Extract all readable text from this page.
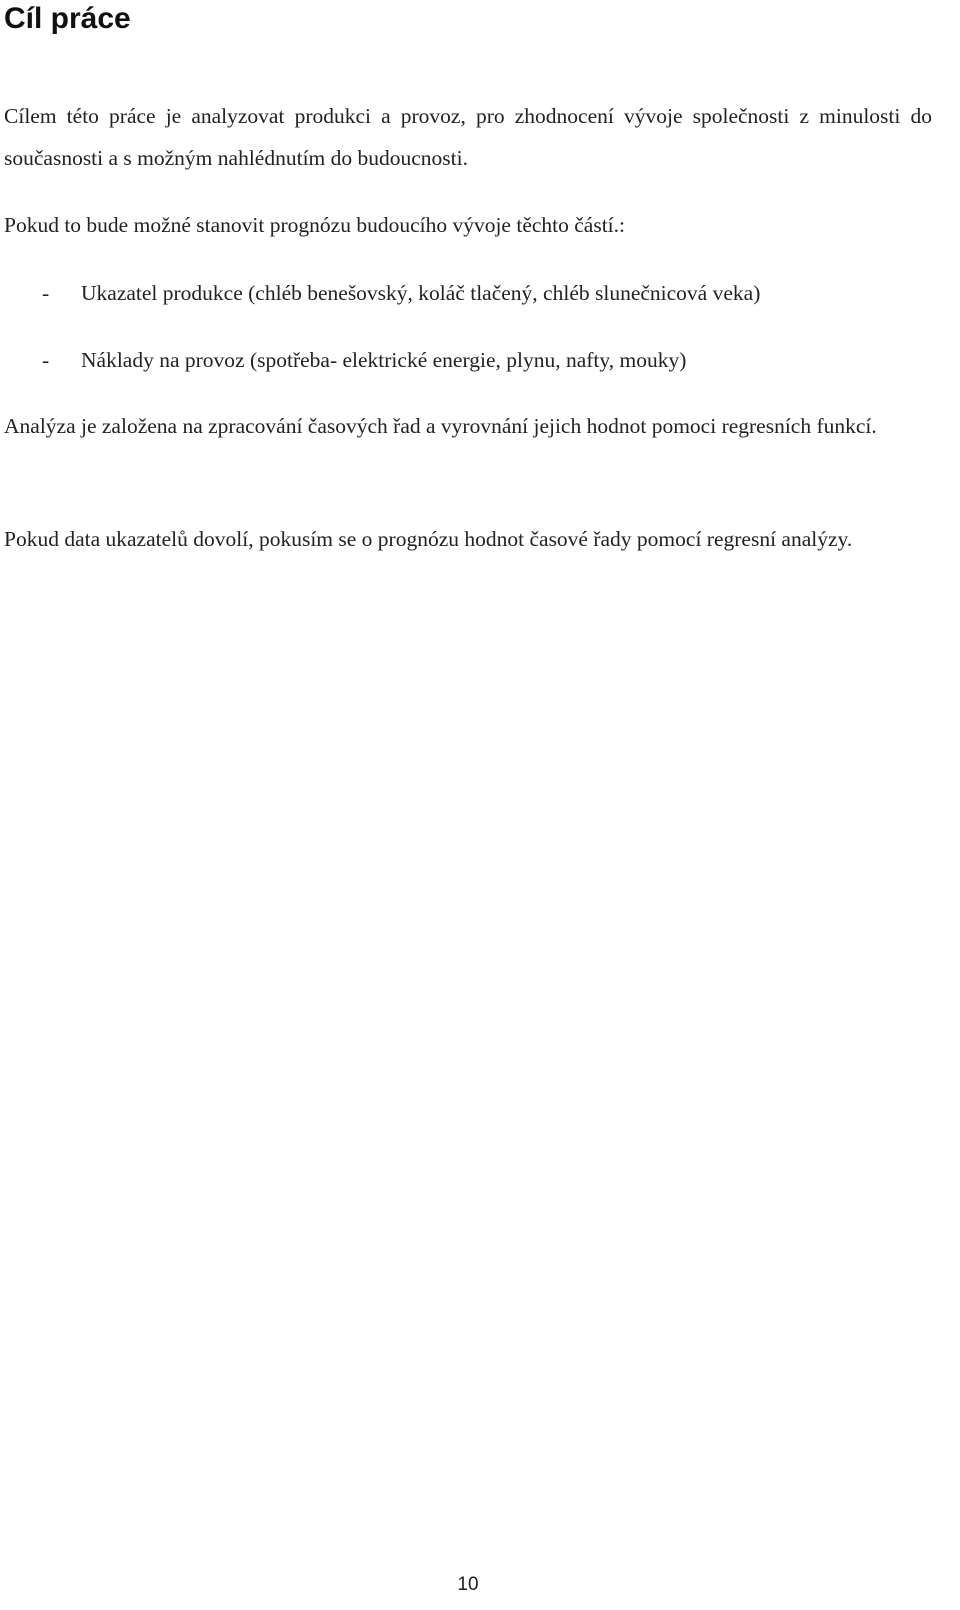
Cíl práce

Cílem této práce je analyzovat produkci a provoz, pro zhodnocení vývoje společnosti z minulosti do současnosti a s možným nahlédnutím do budoucnosti.

Pokud to bude možné stanovit prognózu budoucího vývoje těchto částí.:

- Ukazatel produkce (chléb benešovský, koláč tlačený, chléb slunečnicová veka)
- Náklady na provoz (spotřeba- elektrické energie, plynu, nafty, mouky)

Analýza je založena na zpracování časových řad a vyrovnání jejich hodnot pomoci regresních funkcí.

Pokud data ukazatelů dovolí, pokusím se o prognózu hodnot časové řady pomocí regresní analýzy.

10
